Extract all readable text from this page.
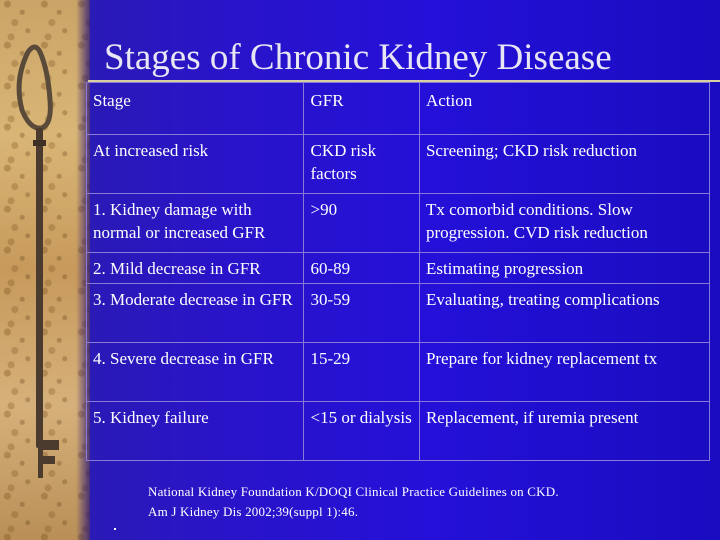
Stages of Chronic Kidney Disease
Stage	GFR	Action
At increased risk	CKD risk factors	Screening; CKD risk reduction
1. Kidney damage with normal or increased GFR	>90	Tx comorbid conditions. Slow progression. CVD risk reduction
2. Mild decrease in GFR	60-89	Estimating progression
3. Moderate decrease in GFR	30-59	Evaluating, treating complications
4. Severe decrease in GFR	15-29	Prepare for kidney replacement tx
5. Kidney failure	<15 or dialysis	Replacement, if uremia present

National Kidney Foundation K/DOQI Clinical Practice Guidelines on CKD.
Am J Kidney Dis 2002;39(suppl 1):46.
